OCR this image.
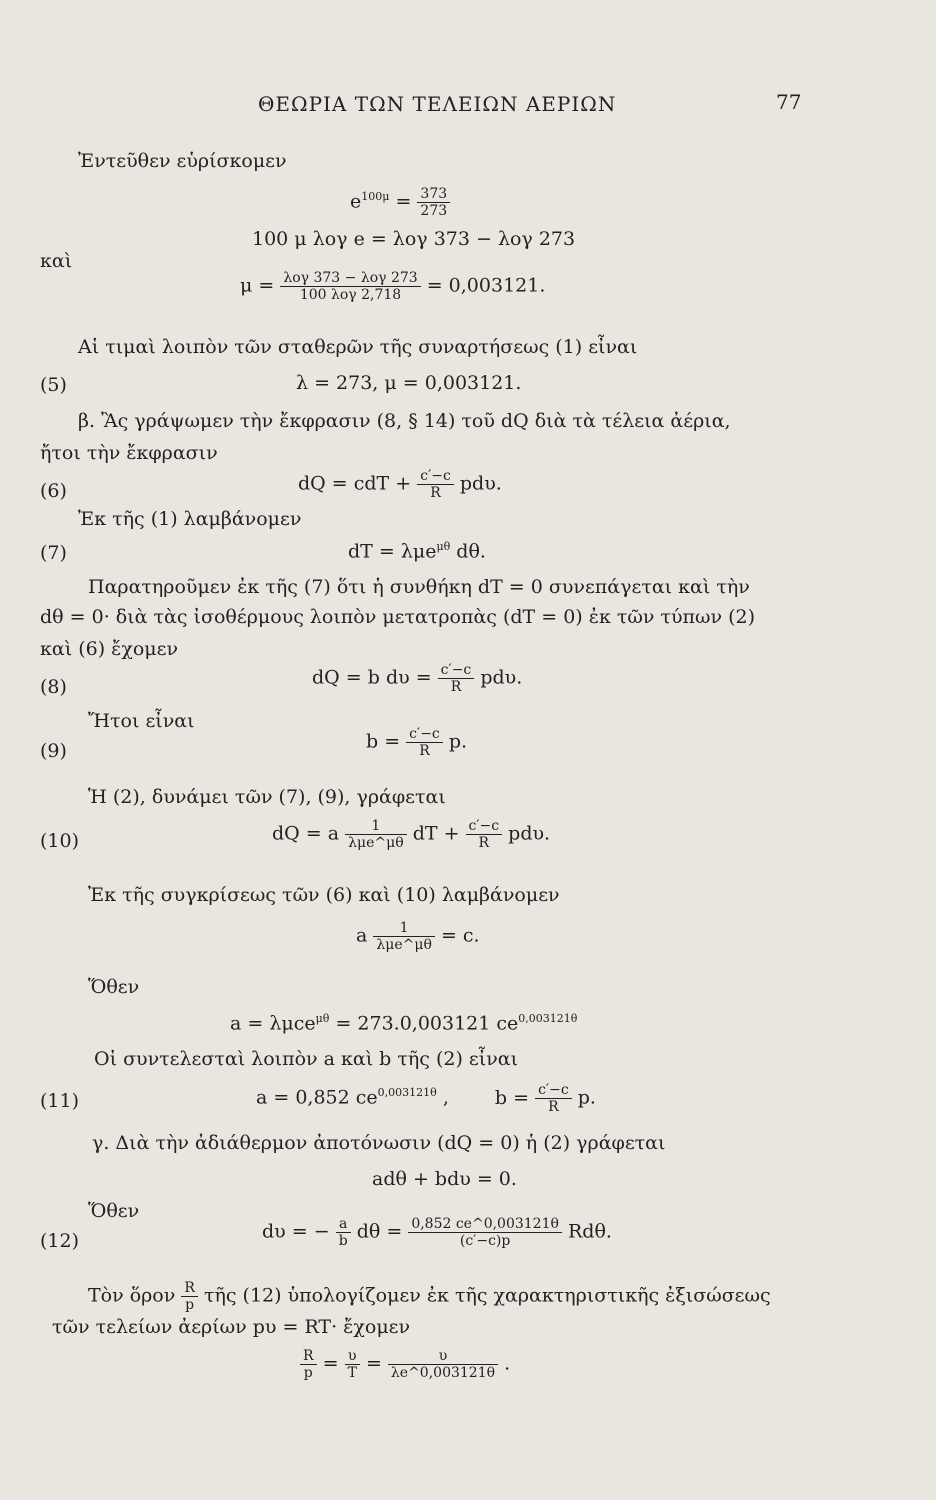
ΘΕΩΡΙΑ ΤΩΝ ΤΕΛΕΙΩΝ ΑΕΡΙΩΝ	77
Ἐντεῦθεν εὑρίσκομεν
$e^{100\mu} = \frac{373}{273}$
100 μ λογ e = λογ 373 − λογ 273
καὶ
$\mu = \frac{\text{λογ 373 − λογ 273}}{\text{100 λογ 2,718}} = 0,003121$.
Αἱ τιμαὶ λοιπὸν τῶν σταθερῶν τῆς συναρτήσεως (1) εἶναι
(5)	λ = 273, μ = 0,003121.
β. Ἂς γράψωμεν τὴν ἔκφρασιν (8, § 14) τοῦ dQ διὰ τὰ τέλεια ἀέρια,
ἤτοι τὴν ἔκφρασιν
(6)	dQ = cdT + $\frac{c'-c}{R} pd\upsilon$.
Ἐκ τῆς (1) λαμβάνομεν
(7)	dT = λμe$^{\mu\theta}$ dθ.
Παρατηροῦμεν ἐκ τῆς (7) ὅτι ἡ συνθήκη dT = 0 συνεπάγεται καὶ τὴν
dθ = 0· διὰ τὰς ἰσοθέρμους λοιπὸν μετατροπὰς (dT = 0) ἐκ τῶν τύπων (2)
καὶ (6) ἔχομεν
(8)	dQ = b $d\upsilon = \frac{c'-c}{R} pd\upsilon$.
Ἤτοι εἶναι
(9)	$b = \frac{c'-c}{R} p$.
Ἡ (2), δυνάμει τῶν (7), (9), γράφεται
(10)	dQ = a $\frac{1}{\text{λμe\textasciicircum{}μθ}}$ dT + $\frac{c'-c}{R} pd\upsilon$.
Ἐκ τῆς συγκρίσεως τῶν (6) καὶ (10) λαμβάνομεν
a $\frac{1}{\text{λμe\textasciicircum{}μθ}} = c$.
Ὅθεν
a = λμce$^{\mu\theta}$ = 273.0,003121 $ce^{0,003121\theta}$
Οἱ συντελεσταὶ λοιπὸν a καὶ b τῆς (2) εἶναι
(11)	a = 0,852 $ce^{0,003121\theta}$ , $b = \frac{c'-c}{R} p$.
γ. Διὰ τὴν ἀδιάθερμον ἀποτόνωσιν (dQ = 0) ἡ (2) γράφεται
adθ + bdυ = 0.
Ὅθεν
(12)	dυ = − $\frac{a}{b}$ $d\theta = \frac{0,852 ce\^{}0,003121\theta}{(c'-c)p} Rd\theta$.
Τὸν ὅρον $\frac{R}{p}$ τῆς (12) ὑπολογίζομεν ἐκ τῆς χαρακτηριστικῆς ἐξισώσεως
τῶν τελείων ἀερίων pυ = RT· ἔχομεν
$\frac{R}{p} = \frac{\upsilon}{T} = \frac{\upsilon}{\lambda e\^{}0,003121\theta}$ .
